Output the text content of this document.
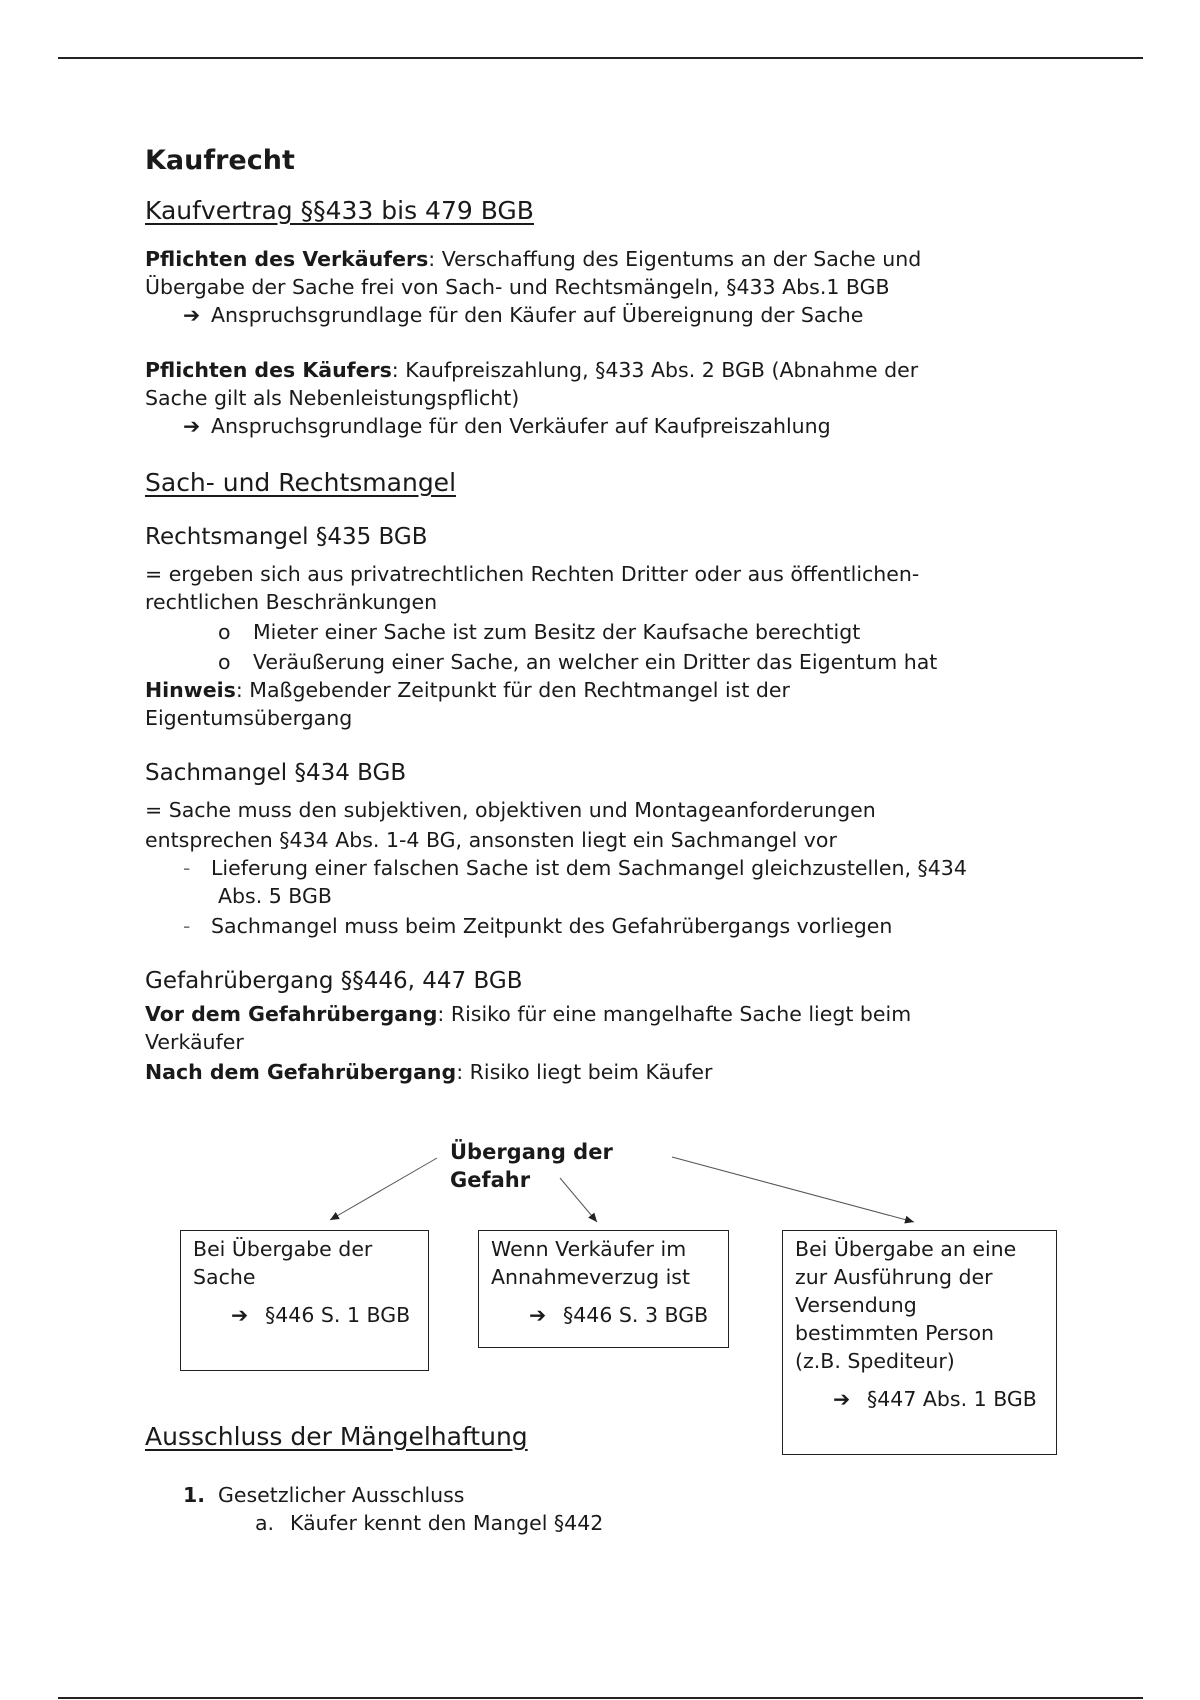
Kaufrecht
Kaufvertrag §§433 bis 479 BGB

Pflichten des Verkäufers: Verschaffung des Eigentums an der Sache und

Übergabe der Sache frei von Sach- und Rechtsmängeln, §433 Abs.1 BGB

➔ Anspruchsgrundlage für den Käufer auf Übereignung der Sache

Pflichten des Käufers: Kaufpreiszahlung, §433 Abs. 2 BGB (Abnahme der

Sache gilt als Nebenleistungspflicht)

➔ Anspruchsgrundlage für den Verkäufer auf Kaufpreiszahlung

Sach- und Rechtsmangel
Rechtsmangel §435 BGB

= ergeben sich aus privatrechtlichen Rechten Dritter oder aus öffentlichen-

rechtlichen Beschränkungen

o Mieter einer Sache ist zum Besitz der Kaufsache berechtigt

o Veräußerung einer Sache, an welcher ein Dritter das Eigentum hat

Hinweis: Maßgebender Zeitpunkt für den Rechtmangel ist der

Eigentumsübergang

Sachmangel §434 BGB

= Sache muss den subjektiven, objektiven und Montageanforderungen

entsprechen §434 Abs. 1-4 BG, ansonsten liegt ein Sachmangel vor

- Lieferung einer falschen Sache ist dem Sachmangel gleichzustellen, §434

Abs. 5 BGB

- Sachmangel muss beim Zeitpunkt des Gefahrübergangs vorliegen

Gefahrübergang §§446, 447 BGB

Vor dem Gefahrübergang: Risiko für eine mangelhafte Sache liegt beim

Verkäufer

Nach dem Gefahrübergang: Risiko liegt beim Käufer

Übergang der Gefahr
Bei Übergabe der Sache
➔ §446 S. 1 BGB
Wenn Verkäufer im Annahmeverzug ist
➔ §446 S. 3 BGB
Bei Übergabe an eine zur Ausführung der Versendung bestimmten Person (z.B. Spediteur)
➔ §447 Abs. 1 BGB
Ausschluss der Mängelhaftung

1. Gesetzlicher Ausschluss

a. Käufer kennt den Mangel §442
